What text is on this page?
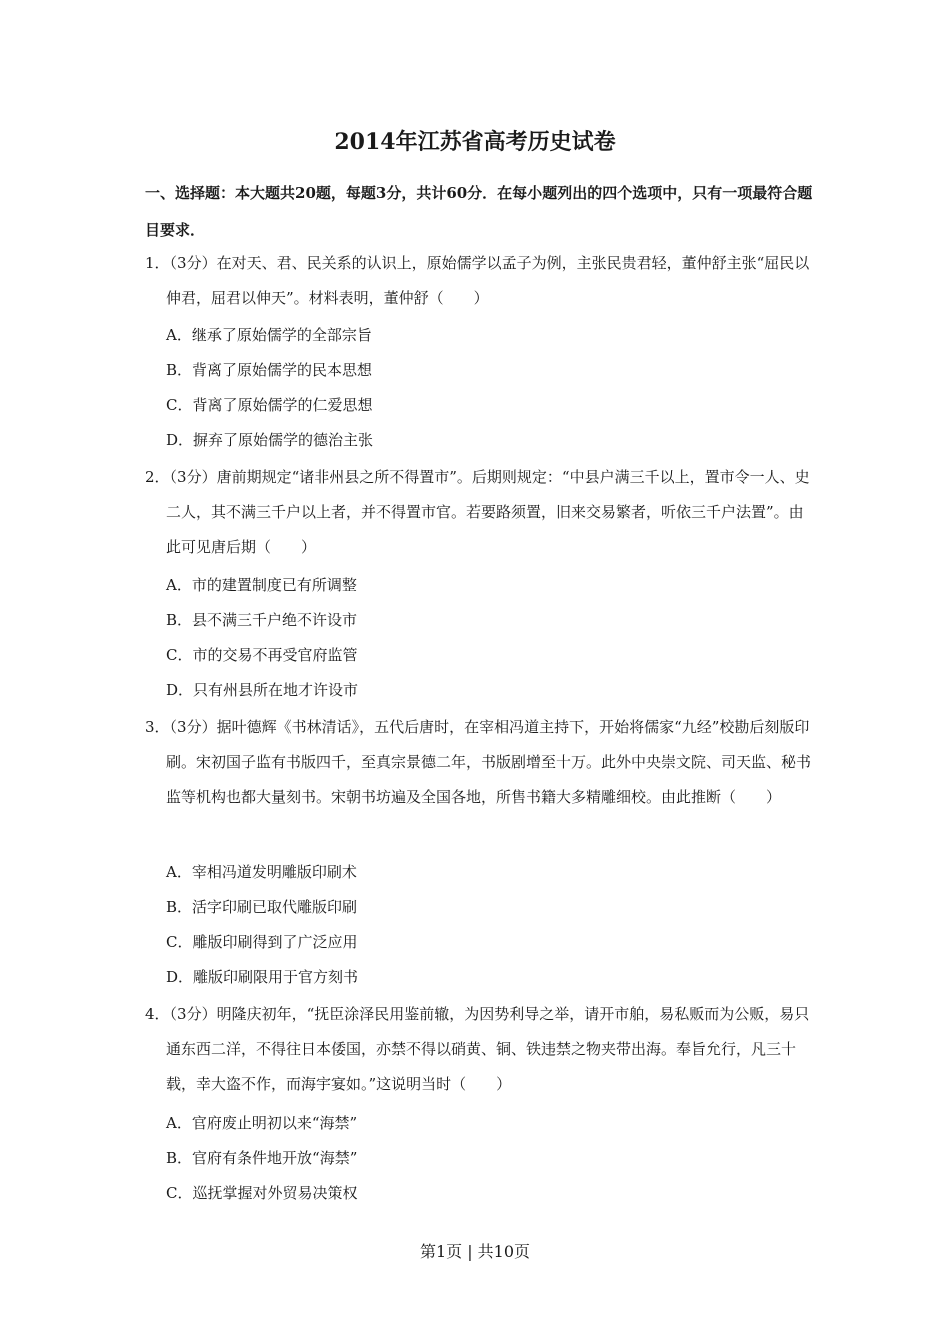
2014年江苏省高考历史试卷
一、选择题：本大题共20题，每题3分，共计60分．在每小题列出的四个选项中，只有一项最符合题目要求．
1．（3分）在对天、君、民关系的认识上，原始儒学以孟子为例，主张民贵君轻，董仲舒主张“屈民以伸君，屈君以伸天”。材料表明，董仲舒（　　）
A．继承了原始儒学的全部宗旨
B．背离了原始儒学的民本思想
C．背离了原始儒学的仁爱思想
D．摒弃了原始儒学的德治主张
2．（3分）唐前期规定“诸非州县之所不得置市”。后期则规定：“中县户满三千以上，置市令一人、史二人，其不满三千户以上者，并不得置市官。若要路须置，旧来交易繁者，听依三千户法置”。由此可见唐后期（　　）
A．市的建置制度已有所调整
B．县不满三千户绝不许设市
C．市的交易不再受官府监管
D．只有州县所在地才许设市
3．（3分）据叶德辉《书林清话》，五代后唐时，在宰相冯道主持下，开始将儒家“九经”校勘后刻版印刷。宋初国子监有书版四千，至真宗景德二年，书版剧增至十万。此外中央崇文院、司天监、秘书监等机构也都大量刻书。宋朝书坊遍及全国各地，所售书籍大多精雕细校。由此推断（　　）
A．宰相冯道发明雕版印刷术
B．活字印刷已取代雕版印刷
C．雕版印刷得到了广泛应用
D．雕版印刷限用于官方刻书
4．（3分）明隆庆初年，“抚臣涂泽民用鉴前辙，为因势利导之举，请开市舶，易私贩而为公贩，易只通东西二洋，不得往日本倭国，亦禁不得以硝黄、铜、铁违禁之物夹带出海。奉旨允行，凡三十载，幸大盗不作，而海宇宴如。”这说明当时（　　）
A．官府废止明初以来“海禁”
B．官府有条件地开放“海禁”
C．巡抚掌握对外贸易决策权
第1页 | 共10页
